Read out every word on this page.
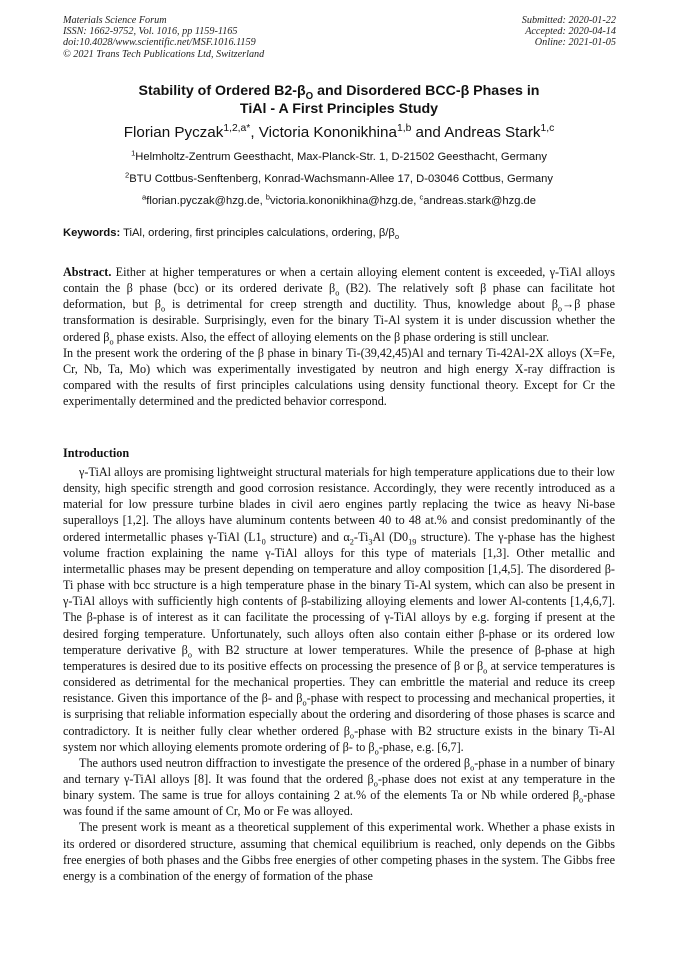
Materials Science Forum
ISSN: 1662-9752, Vol. 1016, pp 1159-1165
doi:10.4028/www.scientific.net/MSF.1016.1159
© 2021 Trans Tech Publications Ltd, Switzerland
Submitted: 2020-01-22
Accepted: 2020-04-14
Online: 2021-01-05
Stability of Ordered $B2-\beta_O$ and Disordered BCC-β Phases in
TiAl - A First Principles Study
Florian Pyczak$^{1,2,a*}$, Victoria Kononikhina$^{1,b}$ and Andreas Stark$^{1,c}$
$^1$Helmholtz-Zentrum Geesthacht, Max-Planck-Str. 1, D-21502 Geesthacht, Germany
$^2$BTU Cottbus-Senftenberg, Konrad-Wachsmann-Allee 17, D-03046 Cottbus, Germany
$^a$florian.pyczak@hzg.de, $^b$victoria.kononikhina@hzg.de, $^c$andreas.stark@hzg.de
Keywords: TiAl, ordering, first principles calculations, ordering, $\beta/\beta_o$

Abstract. Either at higher temperatures or when a certain alloying element content is exceeded, γ-TiAl alloys contain the β phase (bcc) or its ordered derivate $\beta_o$ (B2). The relatively soft β phase can facilitate hot deformation, but $\beta_o$ is detrimental for creep strength and ductility. Thus, knowledge about $\beta_o\to\beta$ phase transformation is desirable. Surprisingly, even for the binary Ti-Al system it is under discussion whether the ordered $\beta_o$ phase exists. Also, the effect of alloying elements on the β phase ordering is still unclear.

In the present work the ordering of the β phase in binary Ti-(39,42,45)Al and ternary Ti-42Al-2X alloys (X=Fe, Cr, Nb, Ta, Mo) which was experimentally investigated by neutron and high energy X-ray diffraction is compared with the results of first principles calculations using density functional theory. Except for Cr the experimentally determined and the predicted behavior correspond.

Introduction

γ-TiAl alloys are promising lightweight structural materials for high temperature applications due to their low density, high specific strength and good corrosion resistance. Accordingly, they were recently introduced as a material for low pressure turbine blades in civil aero engines partly replacing the twice as heavy Ni-base superalloys [1,2]. The alloys have aluminum contents between 40 to 48 at.% and consist predominantly of the ordered intermetallic phases γ-TiAl ($L1_0$ structure) and $\alpha_2-Ti_3Al$ ($D0_{19}$ structure). The γ-phase has the highest volume fraction explaining the name γ-TiAl alloys for this type of materials [1,3]. Other metallic and intermetallic phases may be present depending on temperature and alloy composition [1,4,5]. The disordered β-Ti phase with bcc structure is a high temperature phase in the binary Ti-Al system, which can also be present in γ-TiAl alloys with sufficiently high contents of β-stabilizing alloying elements and lower Al-contents [1,4,6,7]. The β-phase is of interest as it can facilitate the processing of γ-TiAl alloys by e.g. forging if present at the desired forging temperature. Unfortunately, such alloys often also contain either β-phase or its ordered low temperature derivative $\beta_o$ with B2 structure at lower temperatures. While the presence of β-phase at high temperatures is desired due to its positive effects on processing the presence of β or $\beta_o$ at service temperatures is considered as detrimental for the mechanical properties. They can embrittle the material and reduce its creep resistance. Given this importance of the β- and $\beta_o$-phase with respect to processing and mechanical properties, it is surprising that reliable information especially about the ordering and disordering of those phases is scarce and contradictory. It is neither fully clear whether ordered $\beta_o$-phase with B2 structure exists in the binary Ti-Al system nor which alloying elements promote ordering of β- to $\beta_o$-phase, e.g. [6,7].

The authors used neutron diffraction to investigate the presence of the ordered $\beta_o$-phase in a number of binary and ternary γ-TiAl alloys [8]. It was found that the ordered $\beta_o$-phase does not exist at any temperature in the binary system. The same is true for alloys containing 2 at.% of the elements Ta or Nb while ordered $\beta_o$-phase was found if the same amount of Cr, Mo or Fe was alloyed.

The present work is meant as a theoretical supplement of this experimental work. Whether a phase exists in its ordered or disordered structure, assuming that chemical equilibrium is reached, only depends on the Gibbs free energies of both phases and the Gibbs free energies of other competing phases in the system. The Gibbs free energy is a combination of the energy of formation of the phase
